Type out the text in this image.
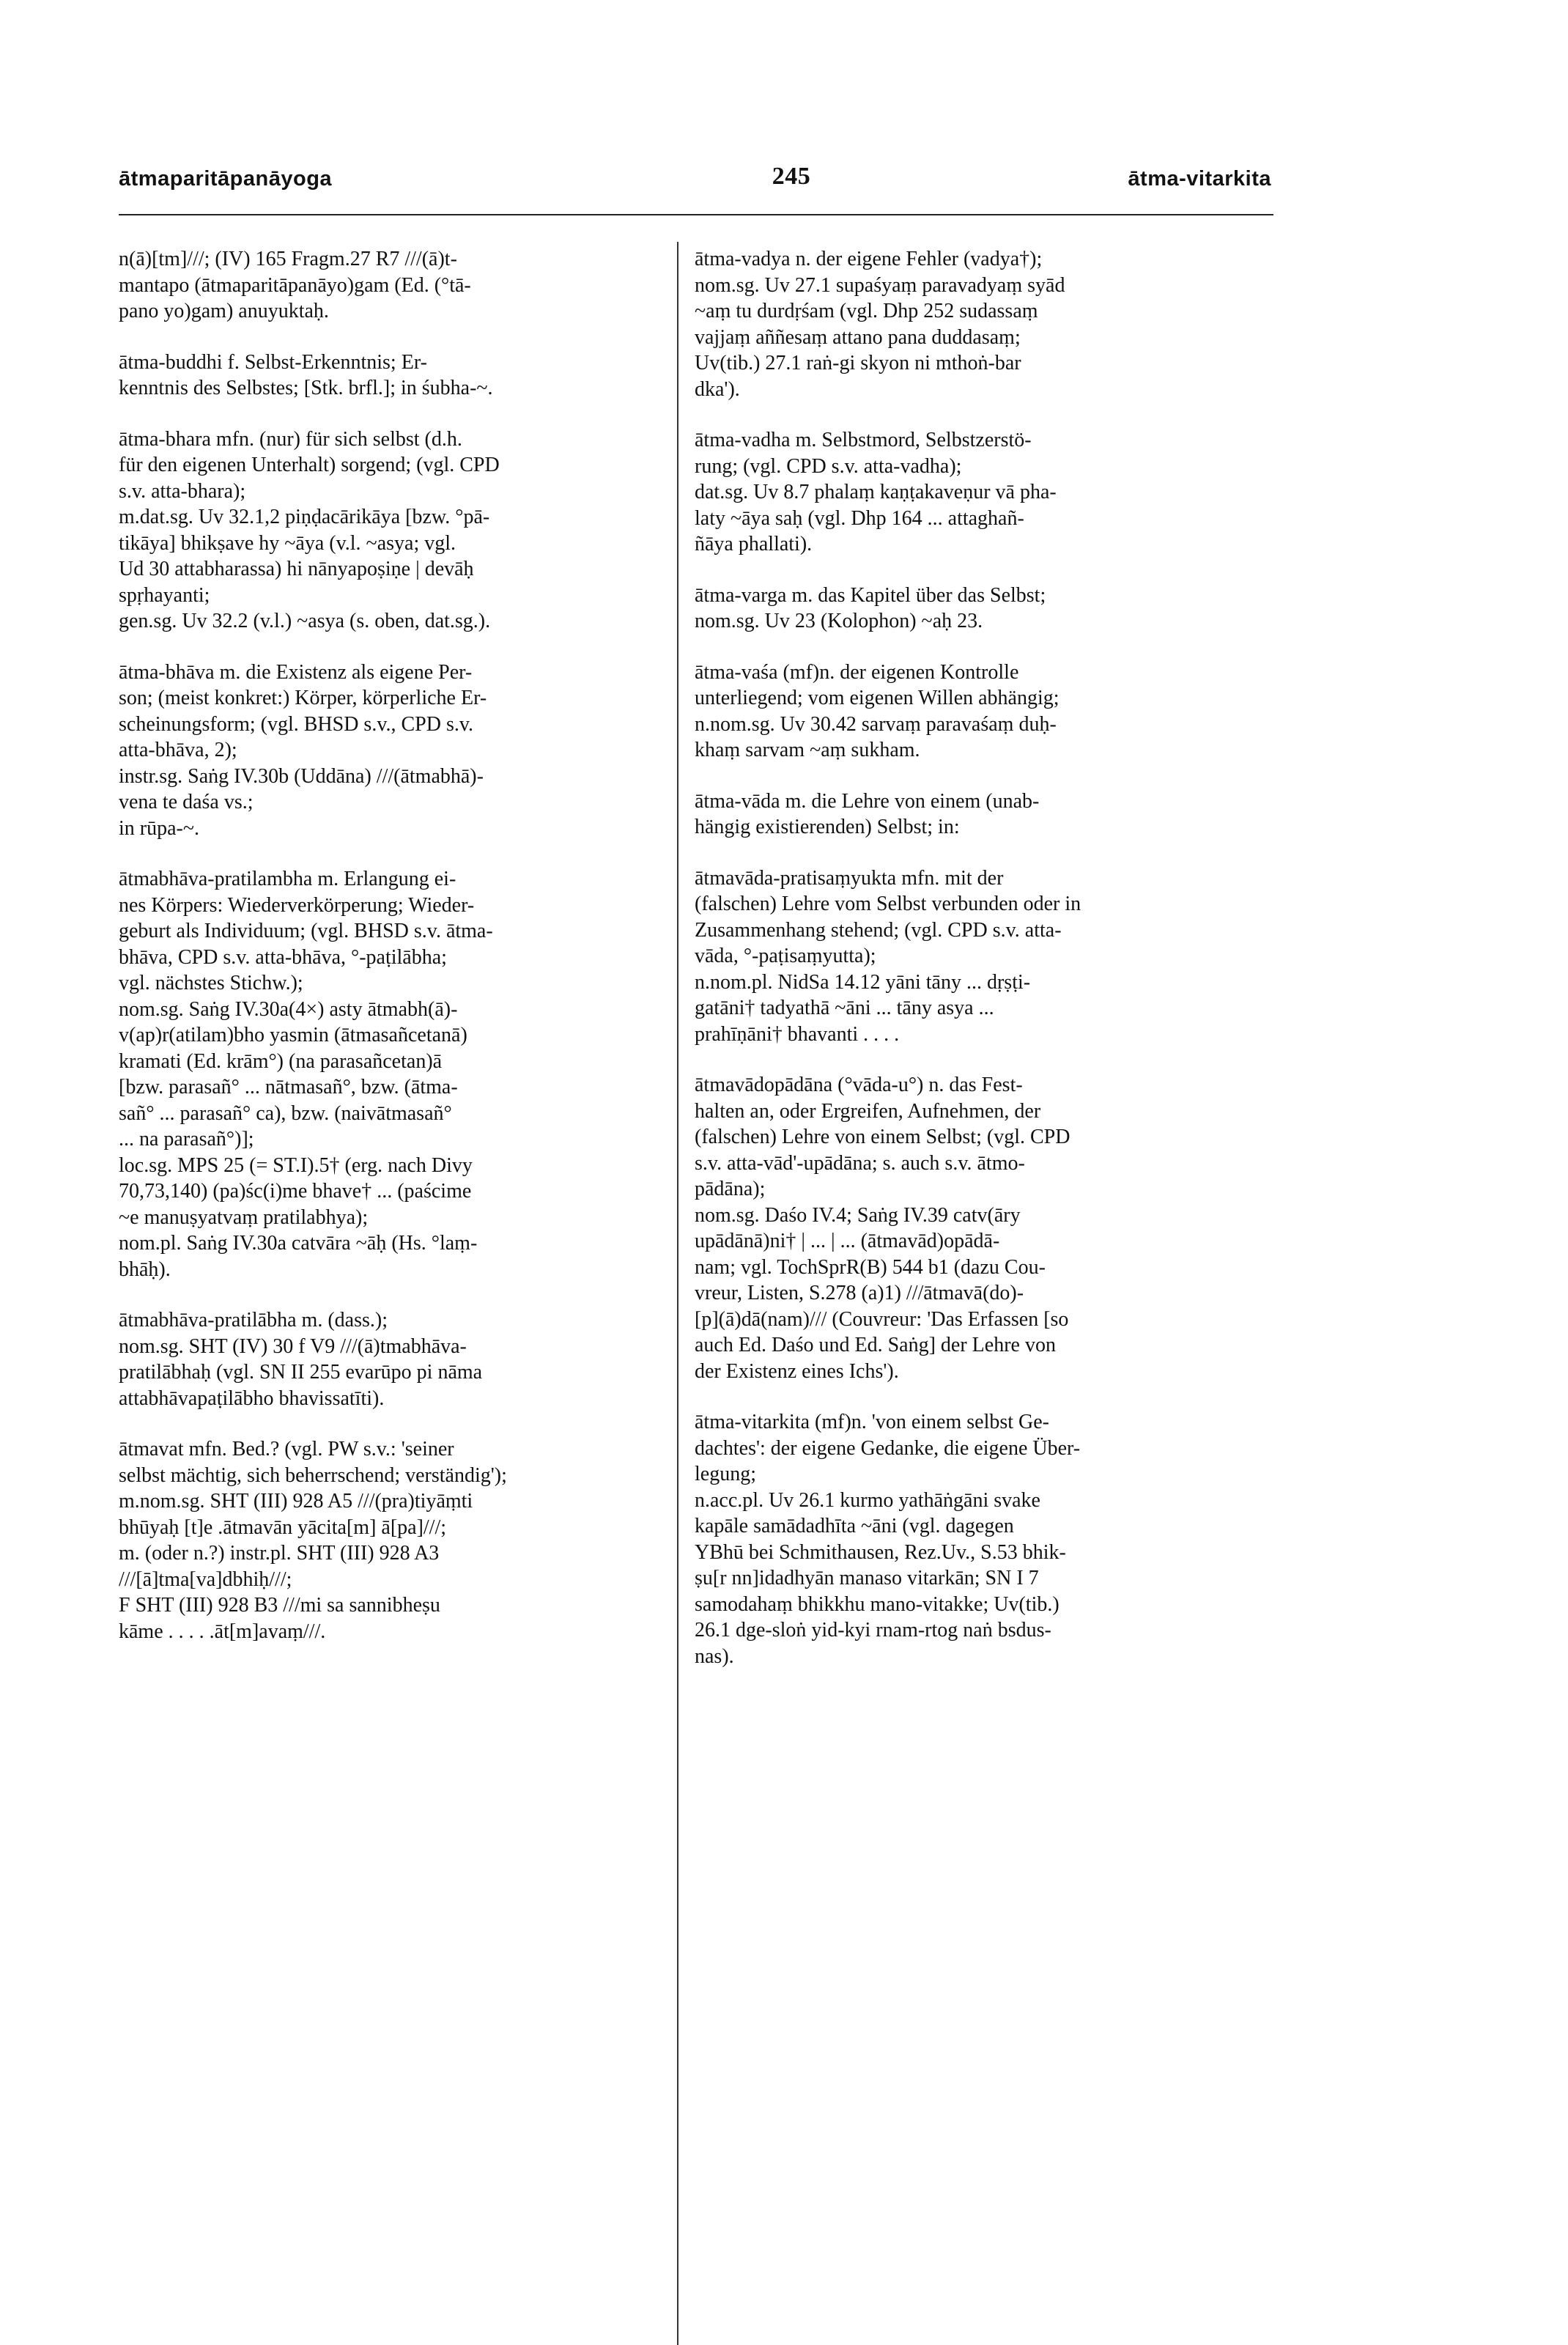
ātmaparitāpanāyoga	245	ātma-vitarkita
n(ā)[tm]///; (IV) 165 Fragm.27 R7 ///(ā)t-
mantapo (ātmaparitāpanāyo)gam (Ed. (°tā-
pano yo)gam) anuyuktaḥ.
ātma-buddhi f. Selbst-Erkenntnis; Er-
kenntnis des Selbstes; [Stk. brfl.]; in śubha-~.
ātma-bhara mfn. (nur) für sich selbst (d.h.
für den eigenen Unterhalt) sorgend; (vgl. CPD
s.v. atta-bhara);
m.dat.sg. Uv 32.1,2 piṇḍacārikāya [bzw. °pā-
tikāya] bhikṣave hy ~āya (v.l. ~asya; vgl.
Ud 30 attabharassa) hi nānyapoṣiṇe | devāḥ
spṛhayanti;
gen.sg. Uv 32.2 (v.l.) ~asya (s. oben, dat.sg.).
ātma-bhāva m. die Existenz als eigene Per-
son; (meist konkret:) Körper, körperliche Er-
scheinungsform; (vgl. BHSD s.v., CPD s.v.
atta-bhāva, 2);
instr.sg. Saṅg IV.30b (Uddāna) ///(ātmabhā)-
vena te daśa vs.;
in rūpa-~.
ātmabhāva-pratilambha m. Erlangung ei-
nes Körpers: Wiederverkörperung; Wieder-
geburt als Individuum; (vgl. BHSD s.v. ātma-
bhāva, CPD s.v. atta-bhāva, °-paṭilābha;
vgl. nächstes Stichw.);
nom.sg. Saṅg IV.30a(4×) asty ātmabh(ā)-
v(ap)r(atilam)bho yasmin (ātmasañcetanā)
kramati (Ed. krām°) (na parasañcetan)ā
[bzw. parasañ° ... nātmasañ°, bzw. (ātma-
sañ° ... parasañ° ca), bzw. (naivātmasañ°
... na parasañ°)];
loc.sg. MPS 25 (= ST.I).5† (erg. nach Divy
70,73,140) (pa)śc(i)me bhave† ... (paścime
~e manuṣyatvaṃ pratilabhya);
nom.pl. Saṅg IV.30a catvāra ~āḥ (Hs. °laṃ-
bhāḥ).
ātmabhāva-pratilābha m. (dass.);
nom.sg. SHT (IV) 30 f V9 ///(ā)tmabhāva-
pratilābhaḥ (vgl. SN II 255 evarūpo pi nāma
attabhāvapaṭilābho bhavissatīti).
ātmavat mfn. Bed.? (vgl. PW s.v.: 'seiner
selbst mächtig, sich beherrschend; verständig');
m.nom.sg. SHT (III) 928 A5 ///(pra)tiyāṃti
bhūyaḥ [t]e .ātmavān yācita[m] ā[pa]///;
m. (oder n.?) instr.pl. SHT (III) 928 A3
///[ā]tma[va]dbhiḥ///;
F SHT (III) 928 B3 ///mi sa sannibheṣu
kāme . . . . .āt[m]avaṃ///.
ātma-vadya n. der eigene Fehler (vadya†);
nom.sg. Uv 27.1 supaśyaṃ paravadyaṃ syād
~aṃ tu durdṛśam (vgl. Dhp 252 sudassaṃ
vajjaṃ aññesaṃ attano pana duddasaṃ;
Uv(tib.) 27.1 raṅ-gi skyon ni mthoṅ-bar
dka').
ātma-vadha m. Selbstmord, Selbstzerstö-
rung; (vgl. CPD s.v. atta-vadha);
dat.sg. Uv 8.7 phalaṃ kaṇṭakaveṇur vā pha-
laty ~āya saḥ (vgl. Dhp 164 ... attaghañ-
ñāya phallati).
ātma-varga m. das Kapitel über das Selbst;
nom.sg. Uv 23 (Kolophon) ~aḥ 23.
ātma-vaśa (mf)n. der eigenen Kontrolle
unterliegend; vom eigenen Willen abhängig;
n.nom.sg. Uv 30.42 sarvaṃ paravaśaṃ duḥ-
khaṃ sarvam ~aṃ sukham.
ātma-vāda m. die Lehre von einem (unab-
hängig existierenden) Selbst; in:
ātmavāda-pratisaṃyukta mfn. mit der
(falschen) Lehre vom Selbst verbunden oder in
Zusammenhang stehend; (vgl. CPD s.v. atta-
vāda, °-paṭisaṃyutta);
n.nom.pl. NidSa 14.12 yāni tāny ... dṛṣṭi-
gatāni† tadyathā ~āni ... tāny asya ...
prahīṇāni† bhavanti . . . .
ātmavādopādāna (°vāda-u°) n. das Fest-
halten an, oder Ergreifen, Aufnehmen, der
(falschen) Lehre von einem Selbst; (vgl. CPD
s.v. atta-vād'-upādāna; s. auch s.v. ātmo-
pādāna);
nom.sg. Daśo IV.4; Saṅg IV.39 catv(āry
upādānā)ni† | ... | ... (ātmavād)opādā-
nam; vgl. TochSprR(B) 544 b1 (dazu Cou-
vreur, Listen, S.278 (a)1) ///ātmavā(do)-
[p](ā)dā(nam)/// (Couvreur: 'Das Erfassen [so
auch Ed. Daśo und Ed. Saṅg] der Lehre von
der Existenz eines Ichs').
ātma-vitarkita (mf)n. 'von einem selbst Ge-
dachtes': der eigene Gedanke, die eigene Über-
legung;
n.acc.pl. Uv 26.1 kurmo yathāṅgāni svake
kapāle samādadhīta ~āni (vgl. dagegen
YBhū bei Schmithausen, Rez.Uv., S.53 bhik-
ṣu[r nn]idadhyān manaso vitarkān; SN I 7
samodahaṃ bhikkhu mano-vitakke; Uv(tib.)
26.1 dge-sloṅ yid-kyi rnam-rtog naṅ bsdus-
nas).
